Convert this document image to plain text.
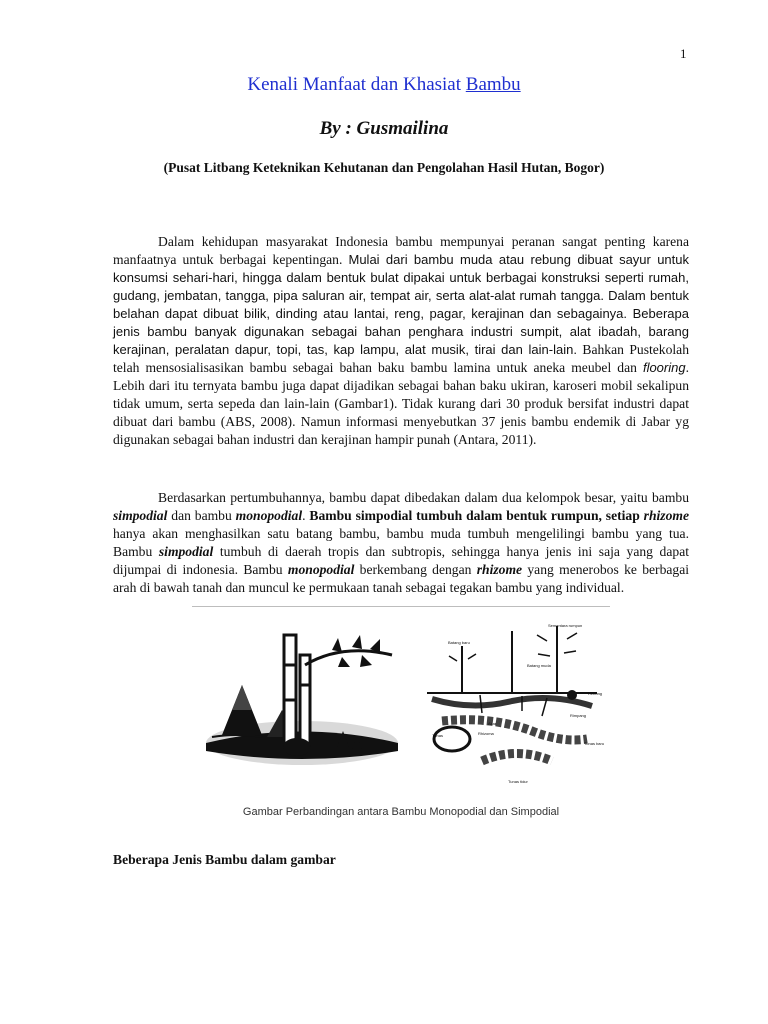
1
Kenali Manfaat dan Khasiat Bambu
By : Gusmailina
(Pusat Litbang Keteknikan Kehutanan dan Pengolahan Hasil Hutan, Bogor)

Dalam kehidupan masyarakat Indonesia bambu mempunyai peranan sangat penting karena manfaatnya untuk berbagai kepentingan. Mulai dari bambu muda atau rebung dibuat sayur untuk konsumsi sehari-hari, hingga dalam bentuk bulat dipakai untuk berbagai konstruksi seperti rumah, gudang, jembatan, tangga, pipa saluran air, tempat air, serta alat-alat rumah tangga. Dalam bentuk belahan dapat dibuat bilik, dinding atau lantai, reng, pagar, kerajinan dan sebagainya. Beberapa jenis bambu banyak digunakan sebagai bahan penghara industri sumpit, alat ibadah, barang kerajinan, peralatan dapur, topi, tas, kap lampu, alat musik, tirai dan lain-lain. Bahkan Pustekolah telah mensosialisasikan bambu sebagai bahan baku bambu lamina untuk aneka meubel dan flooring. Lebih dari itu ternyata bambu juga dapat dijadikan sebagai bahan baku ukiran, karoseri mobil sekalipun tidak umum, serta sepeda dan lain-lain (Gambar1). Tidak kurang dari 30 produk bersifat industri dapat dibuat dari bambu (ABS, 2008). Namun informasi menyebutkan 37 jenis bambu endemik di Jabar yg digunakan sebagai bahan industri dan kerajinan hampir punah (Antara, 2011).

Berdasarkan pertumbuhannya, bambu dapat dibedakan dalam dua kelompok besar, yaitu bambu simpodial dan bambu monopodial. Bambu simpodial tumbuh dalam bentuk rumpun, setiap rhizome hanya akan menghasilkan satu batang bambu, bambu muda tumbuh mengelilingi bambu yang tua. Bambu simpodial tumbuh di daerah tropis dan subtropis, sehingga hanya jenis ini saja yang dapat dijumpai di indonesia. Bambu monopodial berkembang dengan rhizome yang menerobos ke berbagai arah di bawah tanah dan muncul ke permukaan tanah sebagai tegakan bambu yang individual.

Batang baru
Sementara rumpun
Batang muda
Rebung
Rimpang
Akar
Tunas
Tunas baru
Rhizoma
Tunas tidur
Gambar Perbandingan antara Bambu Monopodial dan Simpodial
Beberapa Jenis Bambu dalam gambar
